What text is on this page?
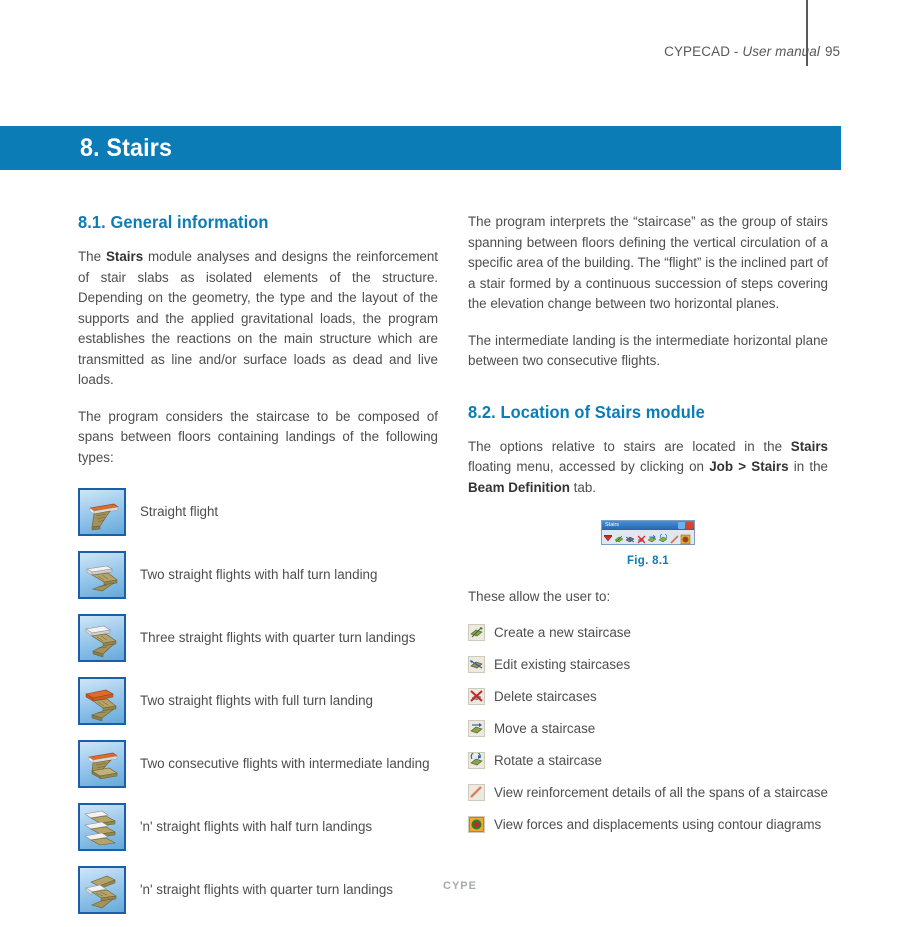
CYPECAD - User manual 95
8. Stairs
8.1. General information

The Stairs module analyses and designs the reinforcement of stair slabs as isolated elements of the structure. Depending on the geometry, the type and the layout of the supports and the applied gravitational loads, the program establishes the reactions on the main structure which are transmitted as line and/or surface loads as dead and live loads.

The program considers the staircase to be composed of spans between floors containing landings of the following types:

Straight flight
Two straight flights with half turn landing
Three straight flights with quarter turn landings
Two straight flights with full turn landing
Two consecutive flights with intermediate landing
'n' straight flights with half turn landings
'n' straight flights with quarter turn landings

The program interprets the “staircase” as the group of stairs spanning between floors defining the vertical circulation of a specific area of the building. The “flight” is the inclined part of a stair formed by a continuous succession of steps covering the elevation change between two horizontal planes.

The intermediate landing is the intermediate horizontal plane between two consecutive flights.

8.2. Location of Stairs module

The options relative to stairs are located in the Stairs floating menu, accessed by clicking on Job > Stairs in the Beam Definition tab.

Stairs
Fig. 8.1

These allow the user to:

Create a new staircase
Edit existing staircases
Delete staircases
Move a staircase
Rotate a staircase
View reinforcement details of all the spans of a staircase
View forces and displacements using contour diagrams
CYPE
